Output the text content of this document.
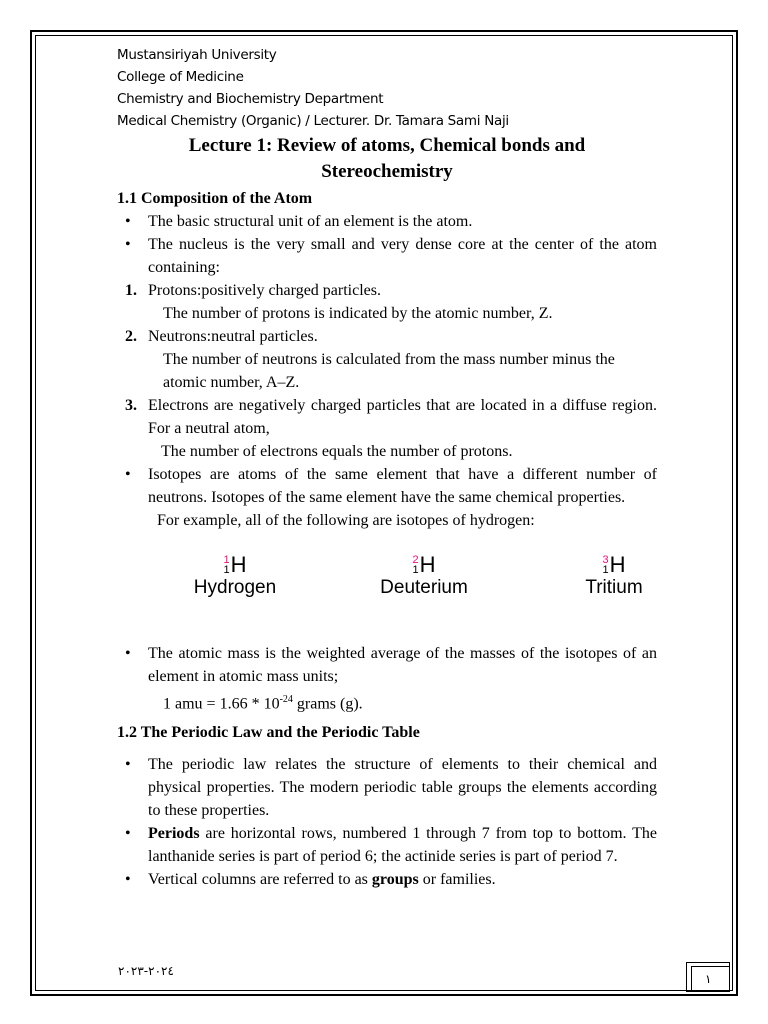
Mustansiriyah University
College of Medicine
Chemistry and Biochemistry Department
Medical Chemistry (Organic) / Lecturer. Dr. Tamara Sami Naji
Lecture 1: Review of atoms, Chemical bonds and
Stereochemistry
1.1 Composition of the Atom
• The basic structural unit of an element is the atom.
• The nucleus is the very small and very dense core at the center of the atom containing:
1. Protons:positively charged particles.
The number of protons is indicated by the atomic number, Z.
2. Neutrons:neutral particles.
The number of neutrons is calculated from the mass number minus the atomic number, A–Z.
3. Electrons are negatively charged particles that are located in a diffuse region. For a neutral atom,
The number of electrons equals the number of protons.
• Isotopes are atoms of the same element that have a different number of neutrons. Isotopes of the same element have the same chemical properties.
For example, all of the following are isotopes of hydrogen:
1
1 H
Hydrogen
2
1 H
Deuterium
3
1 H
Tritium
• The atomic mass is the weighted average of the masses of the isotopes of an element in atomic mass units;
1 amu = $1.66 * 10^{-24}$ grams (g).
1.2 The Periodic Law and the Periodic Table
• The periodic law relates the structure of elements to their chemical and physical properties. The modern periodic table groups the elements according to these properties.
• Periods are horizontal rows, numbered 1 through 7 from top to bottom. The lanthanide series is part of period 6; the actinide series is part of period 7.
• Vertical columns are referred to as groups or families.
٢٠٢٤-٢٠٢٣
١
